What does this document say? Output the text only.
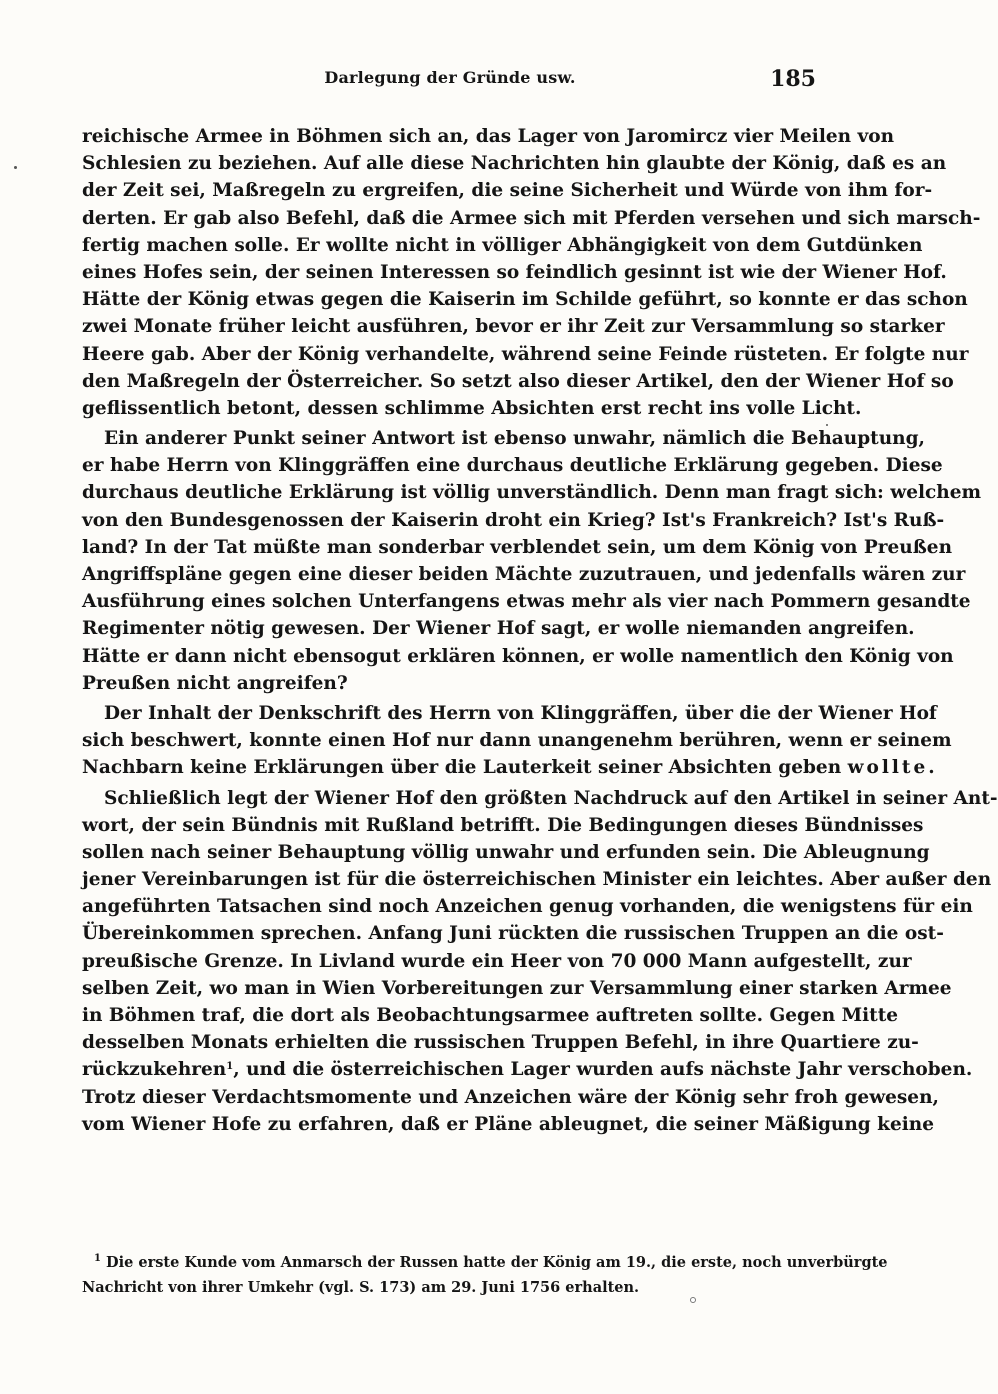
Darlegung der Gründe usw.	185
reichische Armee in Böhmen sich an, das Lager von Jaromircz vier Meilen von
Schlesien zu beziehen. Auf alle diese Nachrichten hin glaubte der König, daß es an
der Zeit sei, Maßregeln zu ergreifen, die seine Sicherheit und Würde von ihm for-
derten. Er gab also Befehl, daß die Armee sich mit Pferden versehen und sich marsch-
fertig machen solle. Er wollte nicht in völliger Abhängigkeit von dem Gutdünken
eines Hofes sein, der seinen Interessen so feindlich gesinnt ist wie der Wiener Hof.
Hätte der König etwas gegen die Kaiserin im Schilde geführt, so konnte er das schon
zwei Monate früher leicht ausführen, bevor er ihr Zeit zur Versammlung so starker
Heere gab. Aber der König verhandelte, während seine Feinde rüsteten. Er folgte nur
den Maßregeln der Österreicher. So setzt also dieser Artikel, den der Wiener Hof so
geflissentlich betont, dessen schlimme Absichten erst recht ins volle Licht.
Ein anderer Punkt seiner Antwort ist ebenso unwahr, nämlich die Behauptung,
er habe Herrn von Klinggräffen eine durchaus deutliche Erklärung gegeben. Diese
durchaus deutliche Erklärung ist völlig unverständlich. Denn man fragt sich: welchem
von den Bundesgenossen der Kaiserin droht ein Krieg? Ist's Frankreich? Ist's Ruß-
land? In der Tat müßte man sonderbar verblendet sein, um dem König von Preußen
Angriffspläne gegen eine dieser beiden Mächte zuzutrauen, und jedenfalls wären zur
Ausführung eines solchen Unterfangens etwas mehr als vier nach Pommern gesandte
Regimenter nötig gewesen. Der Wiener Hof sagt, er wolle niemanden angreifen.
Hätte er dann nicht ebensogut erklären können, er wolle namentlich den König von
Preußen nicht angreifen?
Der Inhalt der Denkschrift des Herrn von Klinggräffen, über die der Wiener Hof
sich beschwert, konnte einen Hof nur dann unangenehm berühren, wenn er seinem
Nachbarn keine Erklärungen über die Lauterkeit seiner Absichten geben wollte.
Schließlich legt der Wiener Hof den größten Nachdruck auf den Artikel in seiner Ant-
wort, der sein Bündnis mit Rußland betrifft. Die Bedingungen dieses Bündnisses
sollen nach seiner Behauptung völlig unwahr und erfunden sein. Die Ableugnung
jener Vereinbarungen ist für die österreichischen Minister ein leichtes. Aber außer den
angeführten Tatsachen sind noch Anzeichen genug vorhanden, die wenigstens für ein
Übereinkommen sprechen. Anfang Juni rückten die russischen Truppen an die ost-
preußische Grenze. In Livland wurde ein Heer von 70 000 Mann aufgestellt, zur
selben Zeit, wo man in Wien Vorbereitungen zur Versammlung einer starken Armee
in Böhmen traf, die dort als Beobachtungsarmee auftreten sollte. Gegen Mitte
desselben Monats erhielten die russischen Truppen Befehl, in ihre Quartiere zu-
rückzukehren$^1$, und die österreichischen Lager wurden aufs nächste Jahr verschoben.
Trotz dieser Verdachtsmomente und Anzeichen wäre der König sehr froh gewesen,
vom Wiener Hofe zu erfahren, daß er Pläne ableugnet, die seiner Mäßigung keine
$^1$ Die erste Kunde vom Anmarsch der Russen hatte der König am 19., die erste, noch unverbürgte
Nachricht von ihrer Umkehr (vgl. S. 173) am 29. Juni 1756 erhalten.
